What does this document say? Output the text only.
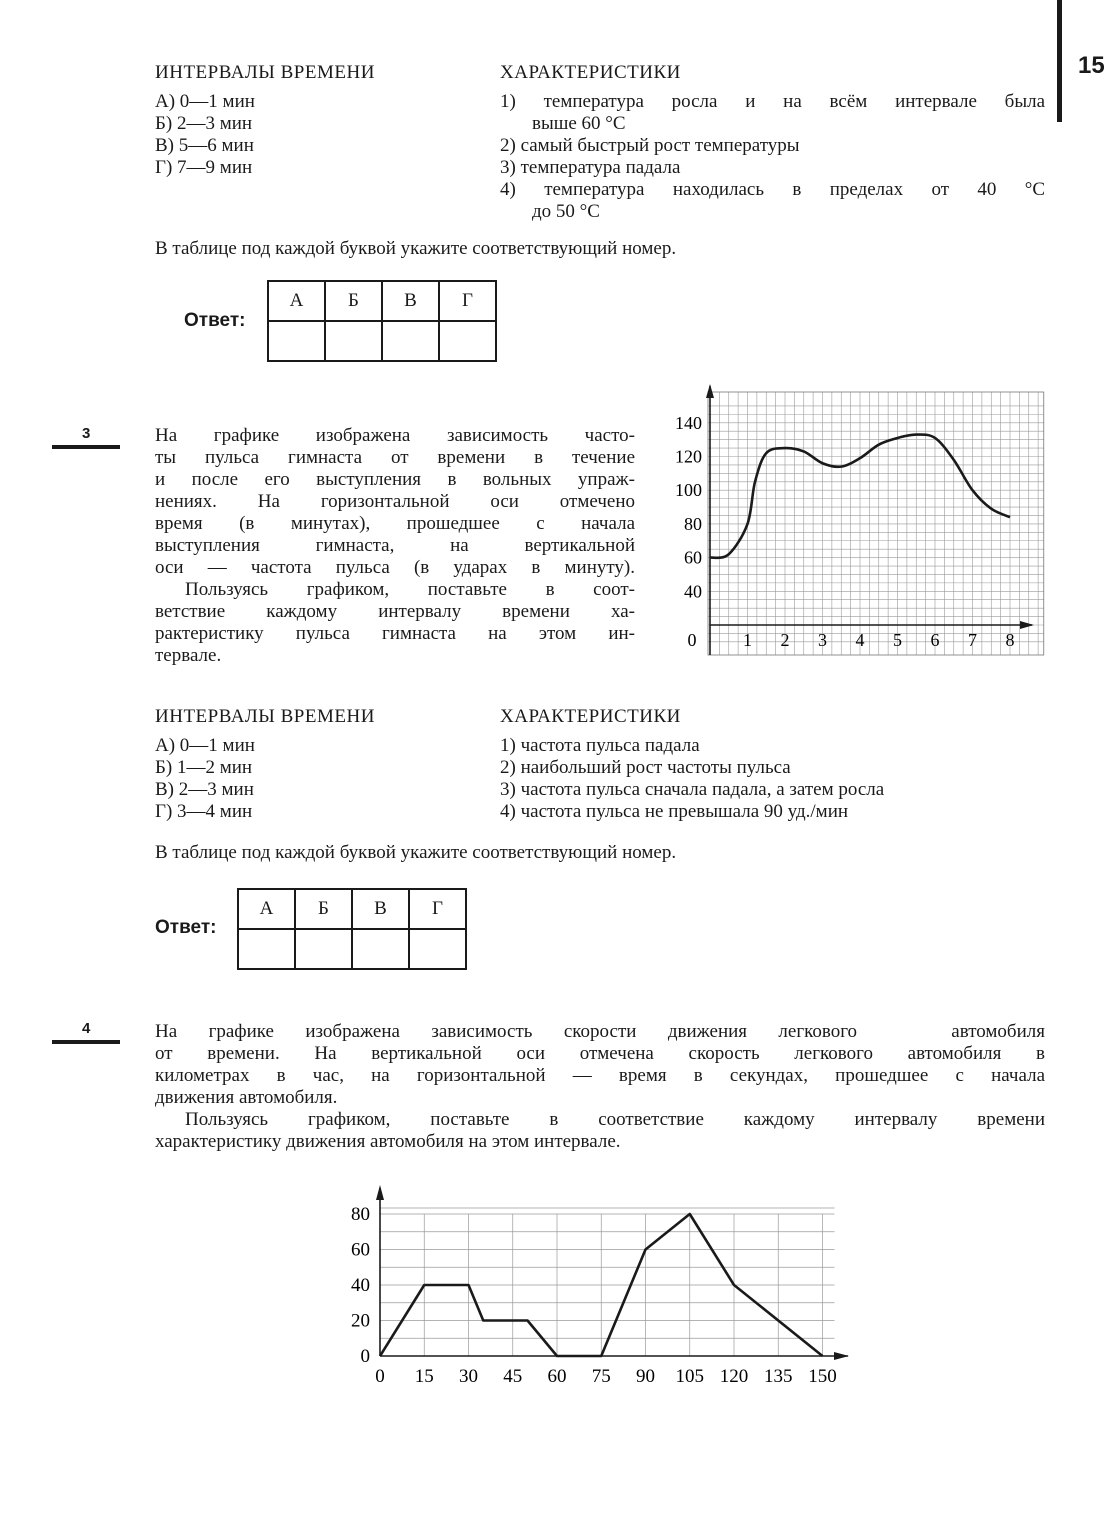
15
ИНТЕРВАЛЫ ВРЕМЕНИ	ХАРАКТЕРИСТИКИ
А) 0—1 мин
Б) 2—3 мин
В) 5—6 мин
Г) 7—9 мин
1) температура росла и на всём интервале была
выше 60 °C
2) самый быстрый рост температуры
3) температура падала
4) температура находилась в пределах от 40 °C
до 50 °C
В таблице под каждой буквой укажите соответствующий номер.
Ответ:
А	Б	В	Г

3	На графике изображена зависимость часто-
ты пульса гимнаста от времени в течение
и после его выступления в вольных упраж-
нениях. На горизонтальной оси отмечено
время (в минутах), прошедшее с начала
выступления гимнаста, на вертикальной
оси — частота пульса (в ударах в минуту).
Пользуясь графиком, поставьте в соот-
ветствие каждому интервалу времени ха-
рактеристику пульса гимнаста на этом ин-
тервале.
40
60
80
100
120
140
0	1 2 3 4 5 6 7 8
ИНТЕРВАЛЫ ВРЕМЕНИ	ХАРАКТЕРИСТИКИ
А) 0—1 мин
Б) 1—2 мин
В) 2—3 мин
Г) 3—4 мин
1) частота пульса падала
2) наибольший рост частоты пульса
3) частота пульса сначала падала, а затем росла
4) частота пульса не превышала 90 уд./мин
В таблице под каждой буквой укажите соответствующий номер.
Ответ:
А	Б	В	Г

4	На графике изображена зависимость скорости движения легкового   автомобиля
от времени. На вертикальной оси отмечена скорость легкового автомобиля в
километрах в час, на горизонтальной — время в секундах, прошедшее с начала
движения автомобиля.
Пользуясь графиком, поставьте в соответствие каждому интервалу времени
характеристику движения автомобиля на этом интервале.
0
20
40
60
80
0 15 30 45 60 75 90 105 120 135 150
